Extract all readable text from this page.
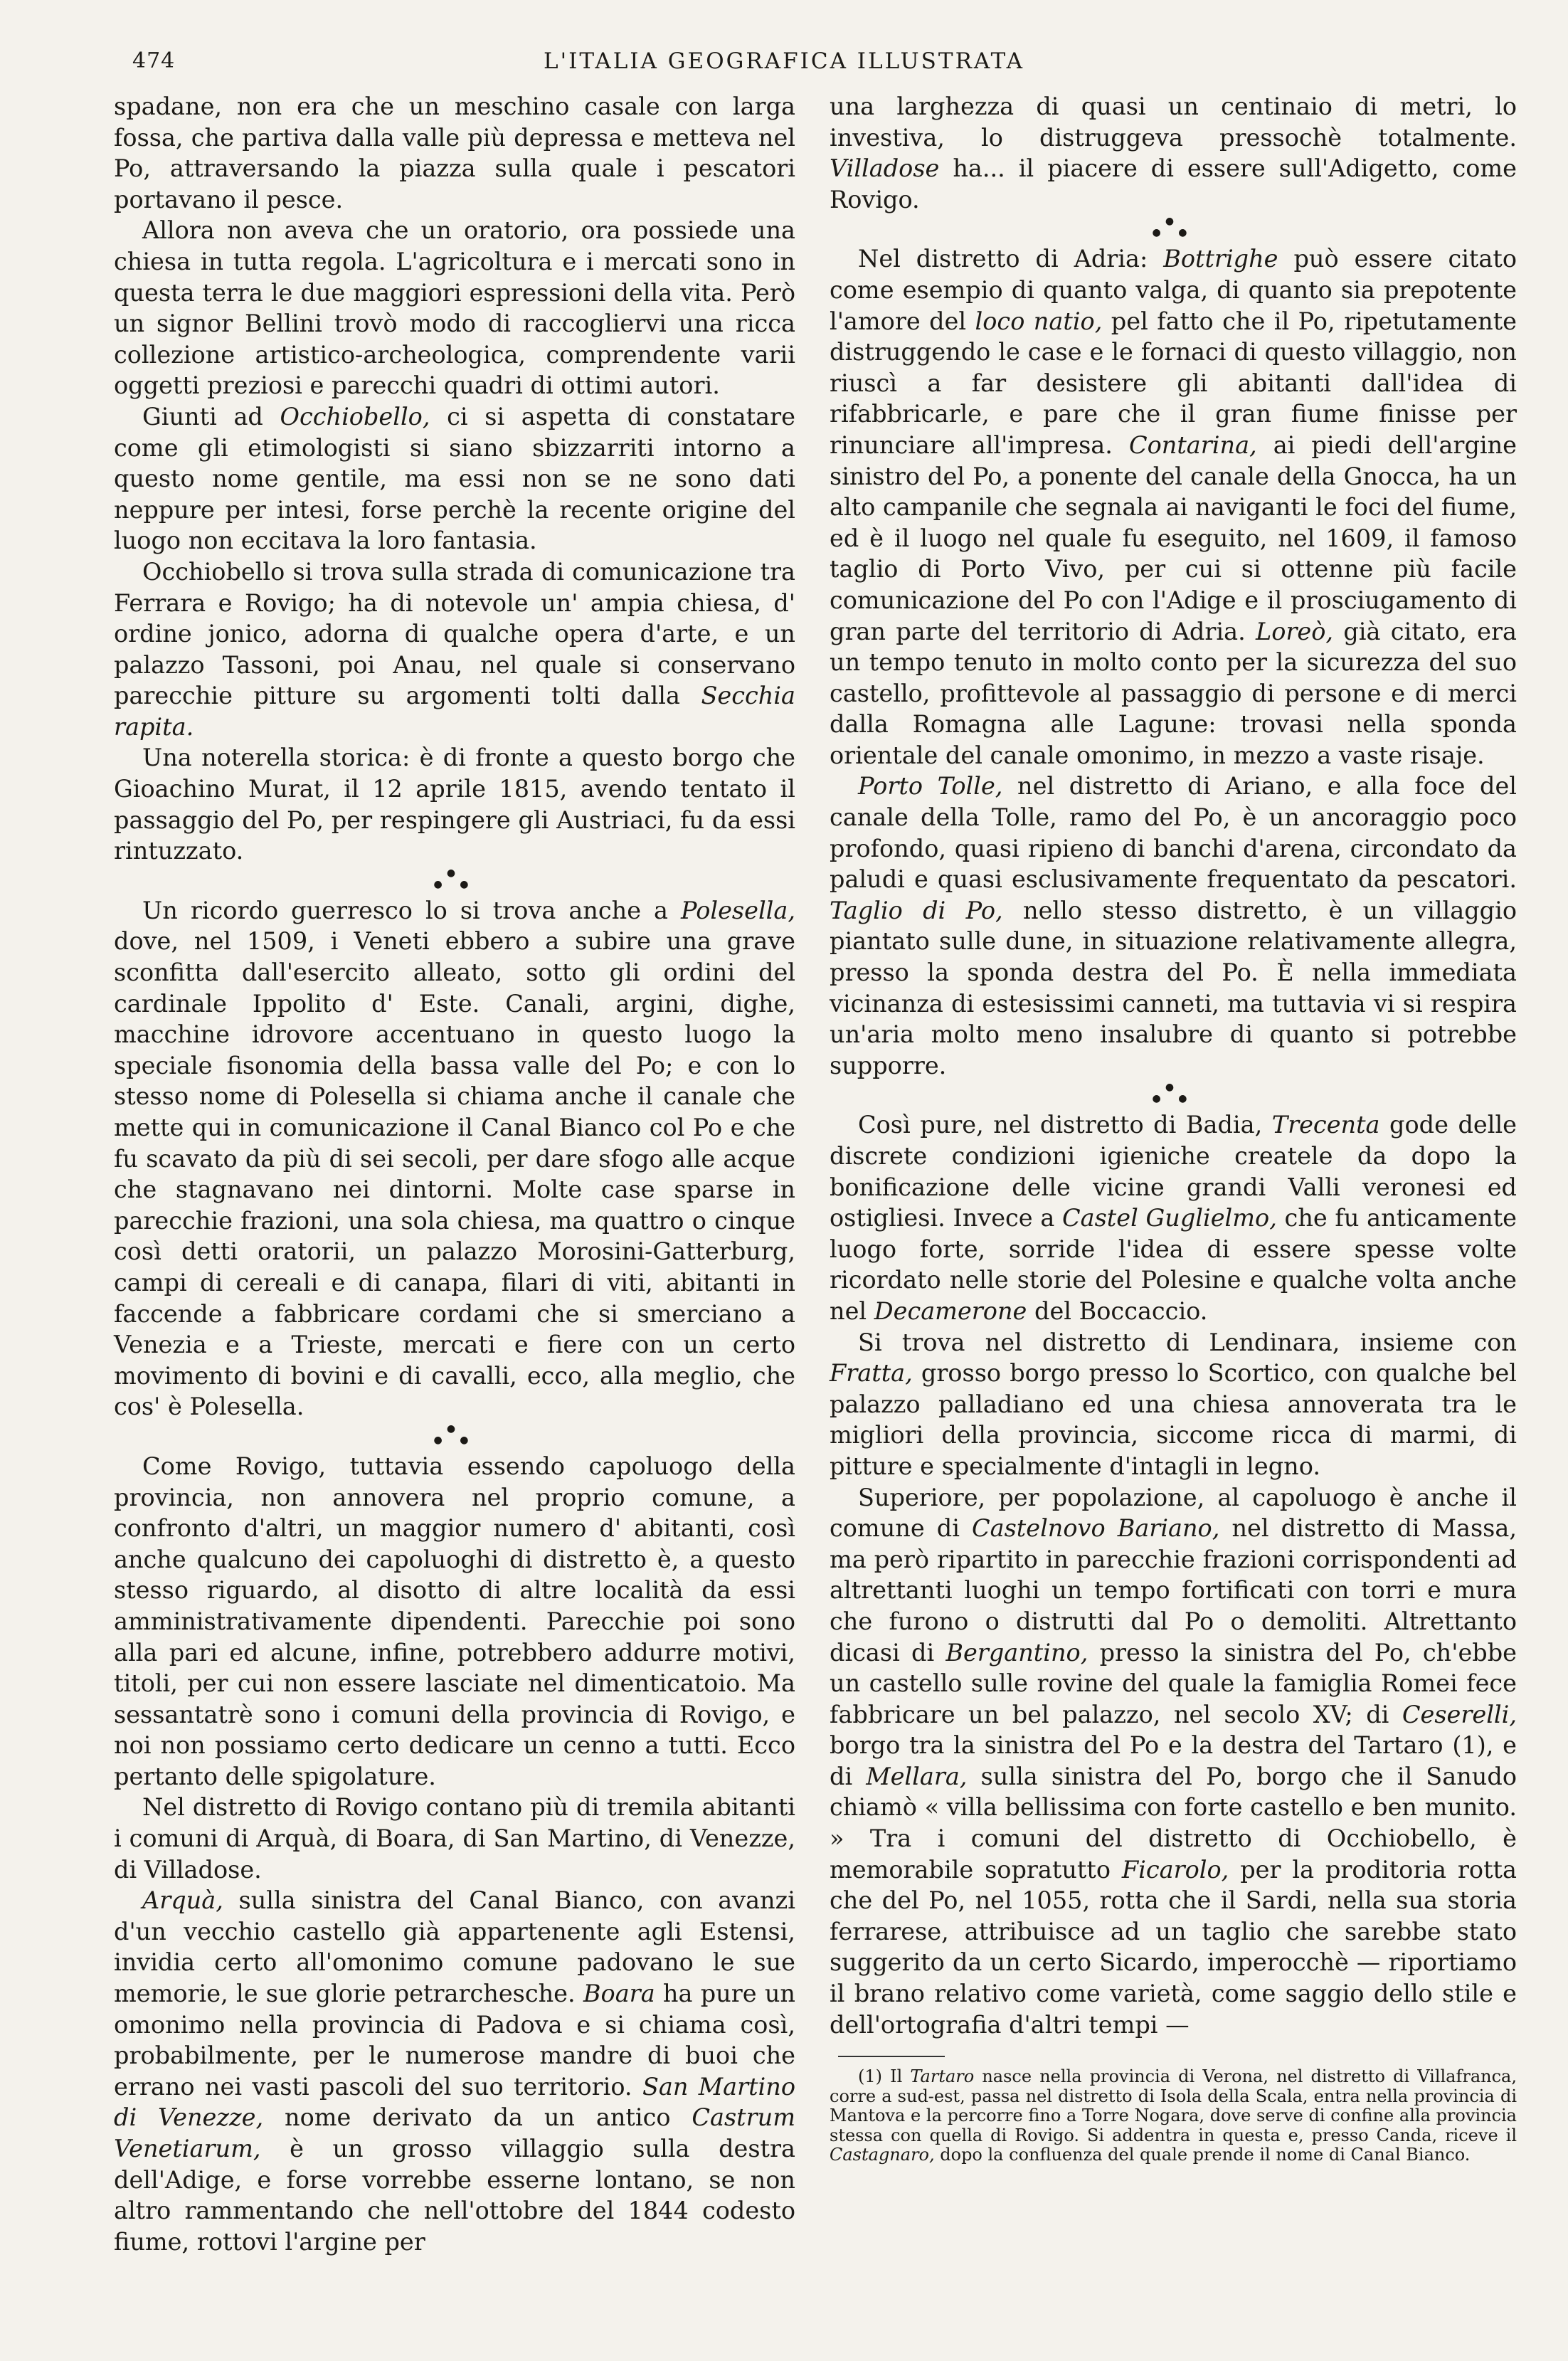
474	L'ITALIA GEOGRAFICA ILLUSTRATA

spadane, non era che un meschino casale con larga fossa, che partiva dalla valle più depressa e metteva nel Po, attraversando la piazza sulla quale i pescatori portavano il pesce.

Allora non aveva che un oratorio, ora possiede una chiesa in tutta regola. L'agricoltura e i mercati sono in questa terra le due maggiori espressioni della vita. Però un signor Bellini trovò modo di raccogliervi una ricca collezione artistico-archeologica, comprendente varii oggetti preziosi e parecchi quadri di ottimi autori.

Giunti ad Occhiobello, ci si aspetta di constatare come gli etimologisti si siano sbizzarriti intorno a questo nome gentile, ma essi non se ne sono dati neppure per intesi, forse perchè la recente origine del luogo non eccitava la loro fantasia.

Occhiobello si trova sulla strada di comunicazione tra Ferrara e Rovigo; ha di notevole un' ampia chiesa, d' ordine jonico, adorna di qualche opera d'arte, e un palazzo Tassoni, poi Anau, nel quale si conservano parecchie pitture su argomenti tolti dalla Secchia rapita.

Una noterella storica: è di fronte a questo borgo che Gioachino Murat, il 12 aprile 1815, avendo tentato il passaggio del Po, per respingere gli Austriaci, fu da essi rintuzzato.

●
● ●

Un ricordo guerresco lo si trova anche a Polesella, dove, nel 1509, i Veneti ebbero a subire una grave sconfitta dall'esercito alleato, sotto gli ordini del cardinale Ippolito d' Este. Canali, argini, dighe, macchine idrovore accentuano in questo luogo la speciale fisonomia della bassa valle del Po; e con lo stesso nome di Polesella si chiama anche il canale che mette qui in comunicazione il Canal Bianco col Po e che fu scavato da più di sei secoli, per dare sfogo alle acque che stagnavano nei dintorni. Molte case sparse in parecchie frazioni, una sola chiesa, ma quattro o cinque così detti oratorii, un palazzo Morosini-Gatterburg, campi di cereali e di canapa, filari di viti, abitanti in faccende a fabbricare cordami che si smerciano a Venezia e a Trieste, mercati e fiere con un certo movimento di bovini e di cavalli, ecco, alla meglio, che cos' è Polesella.

●
● ●

Come Rovigo, tuttavia essendo capoluogo della provincia, non annovera nel proprio comune, a confronto d'altri, un maggior numero d' abitanti, così anche qualcuno dei capoluoghi di distretto è, a questo stesso riguardo, al disotto di altre località da essi amministrativamente dipendenti. Parecchie poi sono alla pari ed alcune, infine, potrebbero addurre motivi, titoli, per cui non essere lasciate nel dimenticatoio. Ma sessantatrè sono i comuni della provincia di Rovigo, e noi non possiamo certo dedicare un cenno a tutti. Ecco pertanto delle spigolature.

Nel distretto di Rovigo contano più di tremila abitanti i comuni di Arquà, di Boara, di San Martino, di Venezze, di Villadose.

Arquà, sulla sinistra del Canal Bianco, con avanzi d'un vecchio castello già appartenente agli Estensi, invidia certo all'omonimo comune padovano le sue memorie, le sue glorie petrarchesche. Boara ha pure un omonimo nella provincia di Padova e si chiama così, probabilmente, per le numerose mandre di buoi che errano nei vasti pascoli del suo territorio. San Martino di Venezze, nome derivato da un antico Castrum Venetiarum, è un grosso villaggio sulla destra dell'Adige, e forse vorrebbe esserne lontano, se non altro rammentando che nell'ottobre del 1844 codesto fiume, rottovi l'argine per

una larghezza di quasi un centinaio di metri, lo investiva, lo distruggeva pressochè totalmente. Villadose ha... il piacere di essere sull'Adigetto, come Rovigo.

●
● ●

Nel distretto di Adria: Bottrighe può essere citato come esempio di quanto valga, di quanto sia prepotente l'amore del loco natio, pel fatto che il Po, ripetutamente distruggendo le case e le fornaci di questo villaggio, non riuscì a far desistere gli abitanti dall'idea di rifabbricarle, e pare che il gran fiume finisse per rinunciare all'impresa. Contarina, ai piedi dell'argine sinistro del Po, a ponente del canale della Gnocca, ha un alto campanile che segnala ai naviganti le foci del fiume, ed è il luogo nel quale fu eseguito, nel 1609, il famoso taglio di Porto Vivo, per cui si ottenne più facile comunicazione del Po con l'Adige e il prosciugamento di gran parte del territorio di Adria. Loreò, già citato, era un tempo tenuto in molto conto per la sicurezza del suo castello, profittevole al passaggio di persone e di merci dalla Romagna alle Lagune: trovasi nella sponda orientale del canale omonimo, in mezzo a vaste risaje.

Porto Tolle, nel distretto di Ariano, e alla foce del canale della Tolle, ramo del Po, è un ancoraggio poco profondo, quasi ripieno di banchi d'arena, circondato da paludi e quasi esclusivamente frequentato da pescatori. Taglio di Po, nello stesso distretto, è un villaggio piantato sulle dune, in situazione relativamente allegra, presso la sponda destra del Po. È nella immediata vicinanza di estesissimi canneti, ma tuttavia vi si respira un'aria molto meno insalubre di quanto si potrebbe supporre.

●
● ●

Così pure, nel distretto di Badia, Trecenta gode delle discrete condizioni igieniche createle da dopo la bonificazione delle vicine grandi Valli veronesi ed ostigliesi. Invece a Castel Guglielmo, che fu anticamente luogo forte, sorride l'idea di essere spesse volte ricordato nelle storie del Polesine e qualche volta anche nel Decamerone del Boccaccio.

Si trova nel distretto di Lendinara, insieme con Fratta, grosso borgo presso lo Scortico, con qualche bel palazzo palladiano ed una chiesa annoverata tra le migliori della provincia, siccome ricca di marmi, di pitture e specialmente d'intagli in legno.

Superiore, per popolazione, al capoluogo è anche il comune di Castelnovo Bariano, nel distretto di Massa, ma però ripartito in parecchie frazioni corrispondenti ad altrettanti luoghi un tempo fortificati con torri e mura che furono o distrutti dal Po o demoliti. Altrettanto dicasi di Bergantino, presso la sinistra del Po, ch'ebbe un castello sulle rovine del quale la famiglia Romei fece fabbricare un bel palazzo, nel secolo XV; di Ceserelli, borgo tra la sinistra del Po e la destra del Tartaro (1), e di Mellara, sulla sinistra del Po, borgo che il Sanudo chiamò « villa bellissima con forte castello e ben munito. » Tra i comuni del distretto di Occhiobello, è memorabile sopratutto Ficarolo, per la proditoria rotta che del Po, nel 1055, rotta che il Sardi, nella sua storia ferrarese, attribuisce ad un taglio che sarebbe stato suggerito da un certo Sicardo, imperocchè — riportiamo il brano relativo come varietà, come saggio dello stile e dell'ortografia d'altri tempi —

(1) Il Tartaro nasce nella provincia di Verona, nel distretto di Villafranca, corre a sud-est, passa nel distretto di Isola della Scala, entra nella provincia di Mantova e la percorre fino a Torre Nogara, dove serve di confine alla provincia stessa con quella di Rovigo. Si addentra in questa e, presso Canda, riceve il Castagnaro, dopo la confluenza del quale prende il nome di Canal Bianco.
